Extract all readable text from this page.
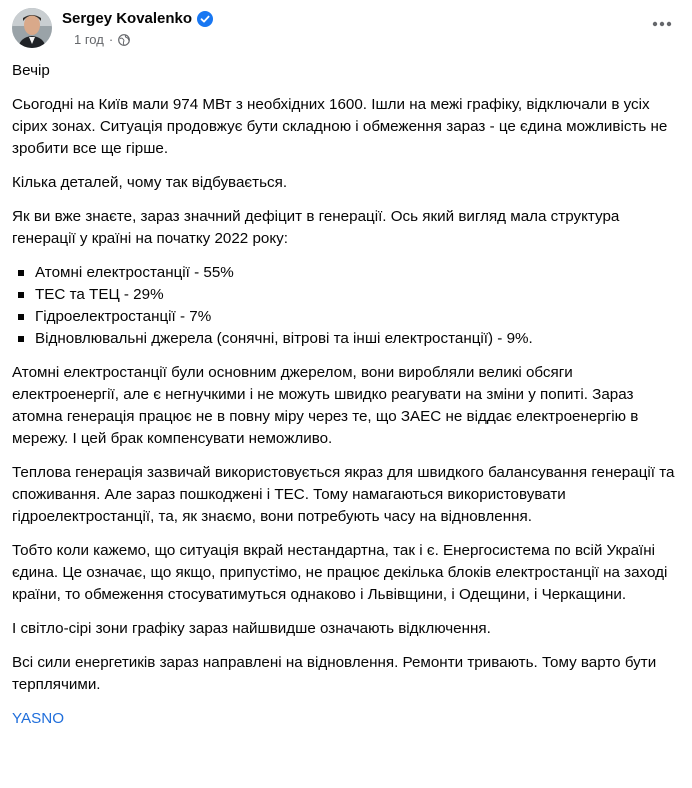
Sergey Kovalenko
1 год ·

Вечір

Сьогодні на Київ мали 974 МВт з необхідних 1600. Ішли на межі графіку, відключали в усіх сірих зонах. Ситуація продовжує бути складною і обмеження зараз - це єдина можливість не зробити все ще гірше.

Кілька деталей, чому так відбувається.

Як ви вже знаєте, зараз значний дефіцит в генерації. Ось який вигляд мала структура генерації у країні на початку 2022 року:

Атомні електростанції - 55%
ТЕС та ТЕЦ - 29%
Гідроелектростанції - 7%
Відновлювальні джерела (сонячні, вітрові та інші електростанції) - 9%.

Атомні електростанції були основним джерелом, вони виробляли великі обсяги електроенергії, але є негнучкими і не можуть швидко реагувати на зміни у попиті. Зараз атомна генерація працює не в повну міру через те, що ЗАЕС не віддає електроенергію в мережу. І цей брак компенсувати неможливо.

Теплова генерація зазвичай використовується якраз для швидкого балансування генерації та споживання. Але зараз пошкоджені і ТЕС. Тому намагаються використовувати гідроелектростанції, та, як знаємо, вони потребують часу на відновлення.

Тобто коли кажемо, що ситуація вкрай нестандартна, так і є. Енергосистема по всій Україні єдина. Це означає, що якщо, припустімо, не працює декілька блоків електростанції на заході країни, то обмеження стосуватимуться однаково і Львівщини, і Одещини, і Черкащини.

І світло-сірі зони графіку зараз найшвидше означають відключення.

Всі сили енергетиків зараз направлені на відновлення. Ремонти тривають. Тому варто бути терплячими.

YASNO
